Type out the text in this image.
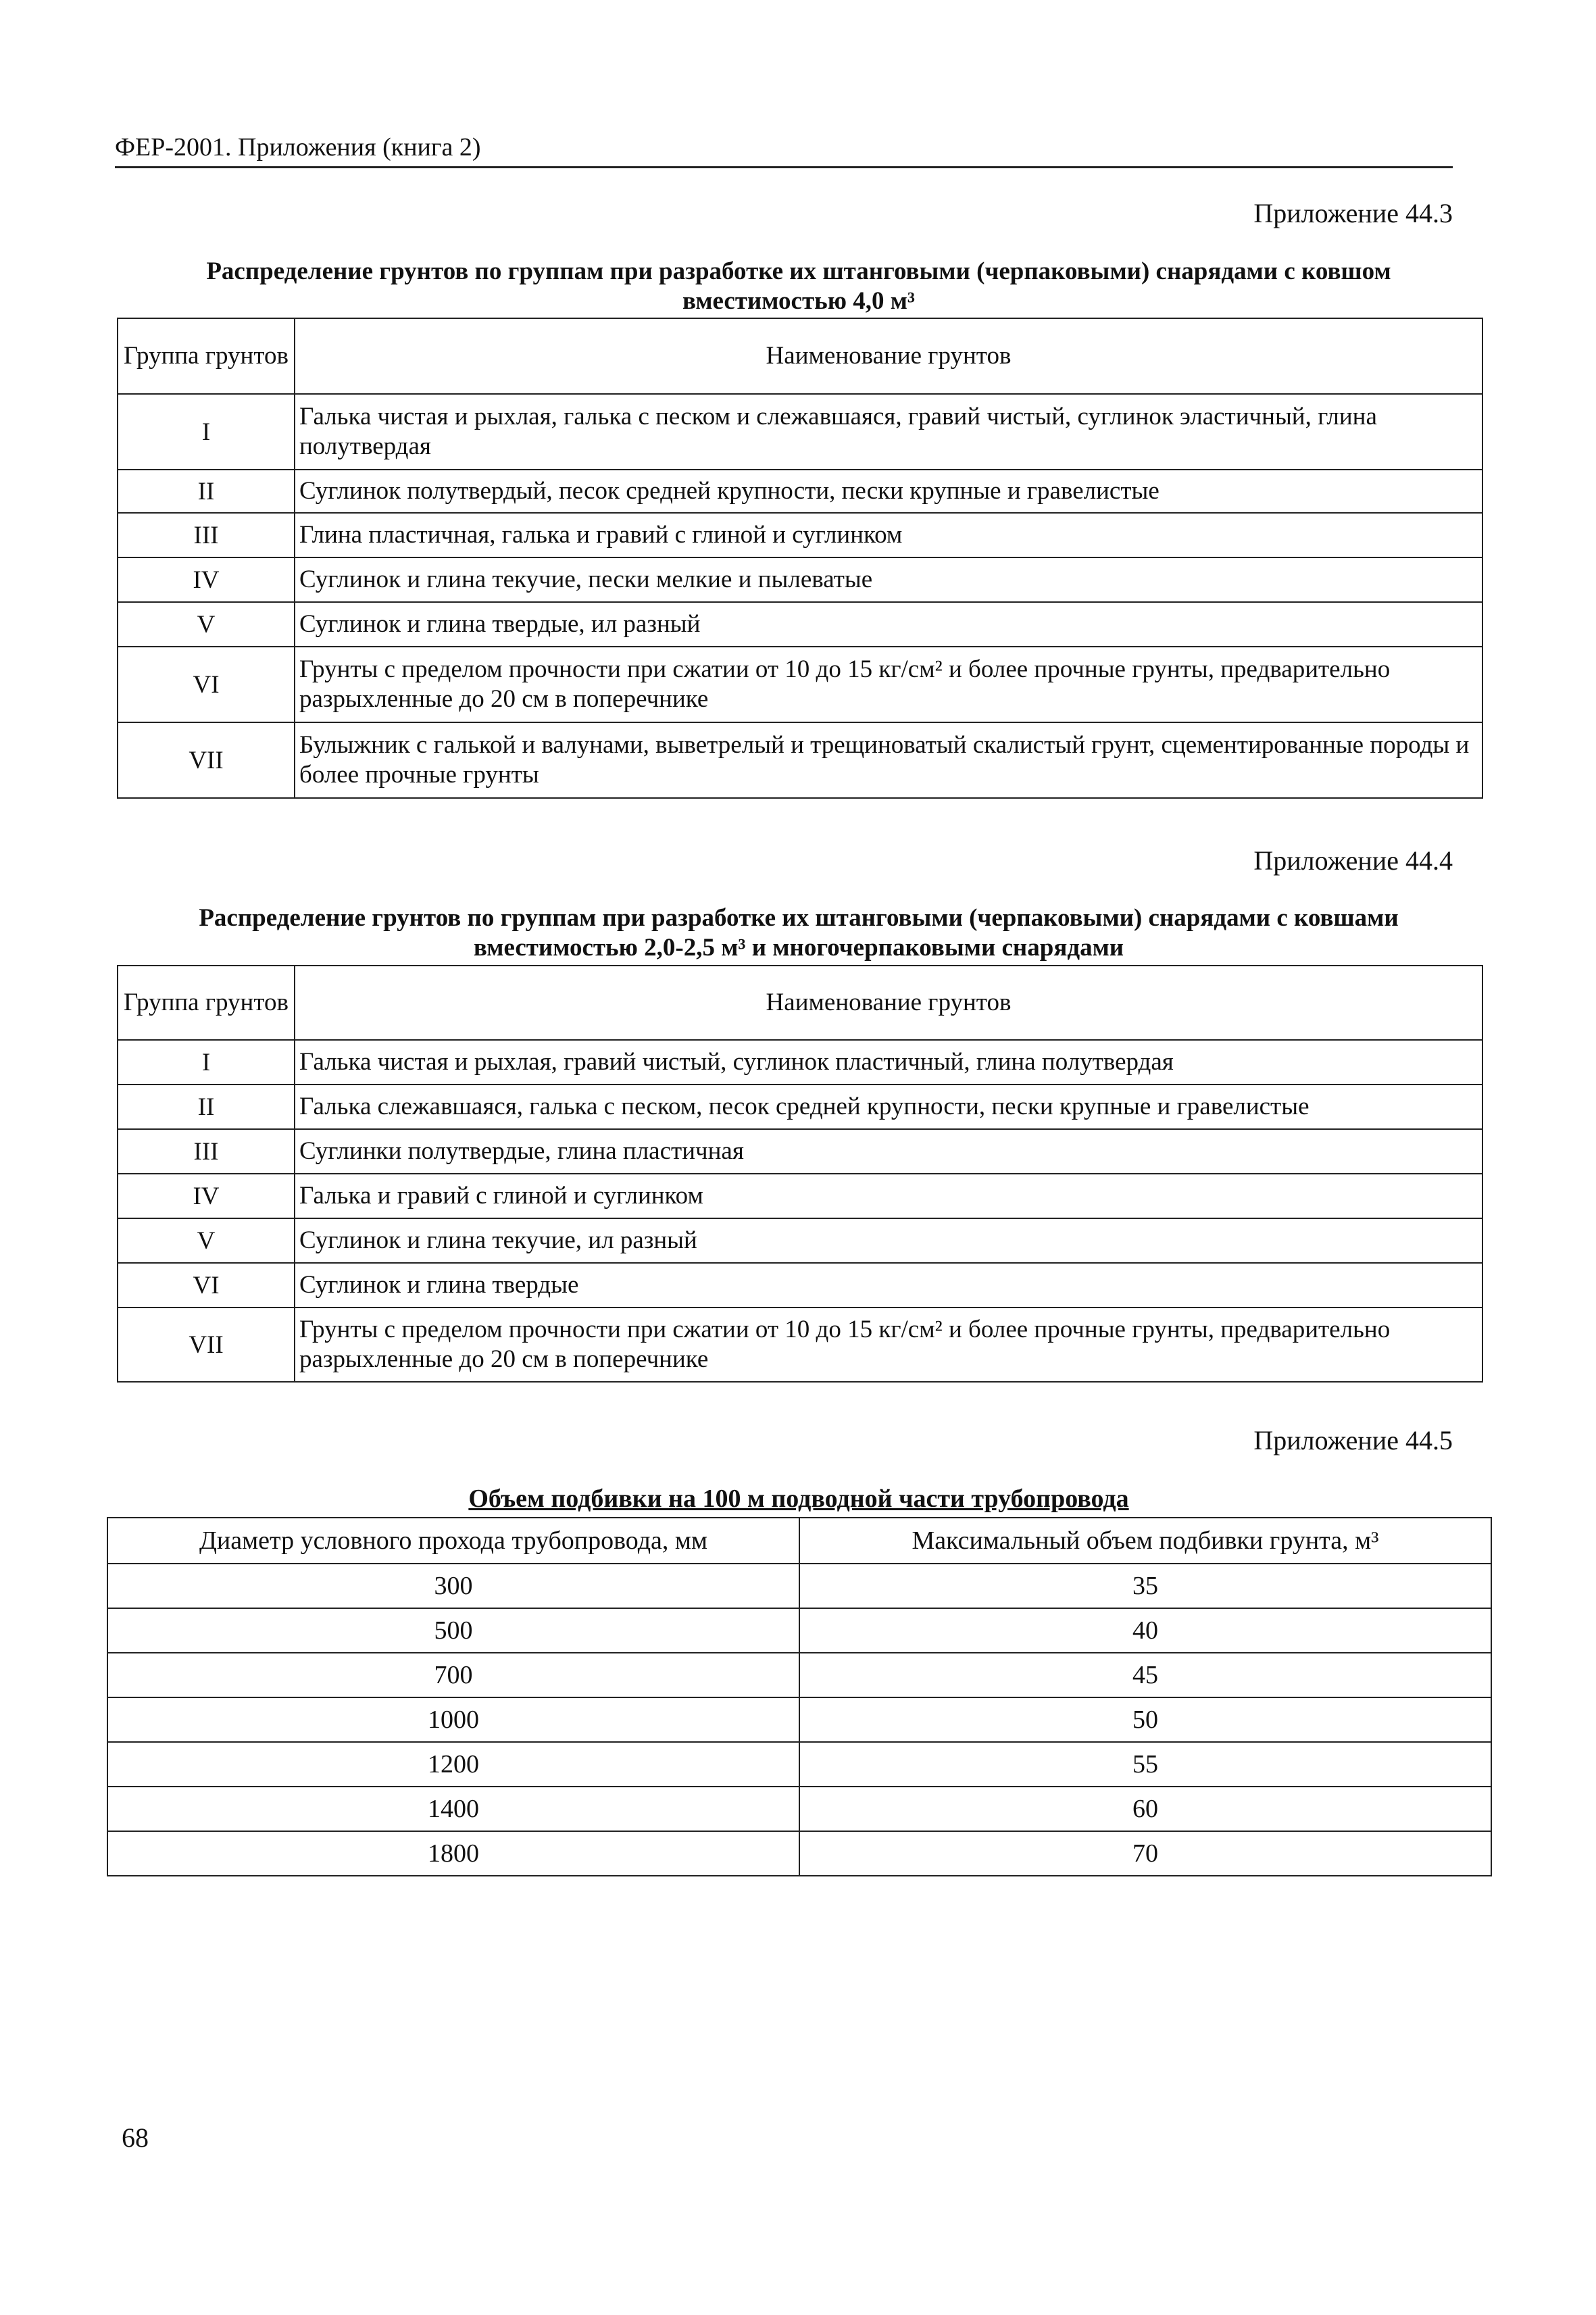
ФЕР-2001. Приложения (книга 2)
Приложение 44.3
Распределение грунтов по группам при разработке их штанговыми (черпаковыми) снарядами с ковшом
вместимостью 4,0 м³
Группа грунтов	Наименование грунтов
I	Галька чистая и рыхлая, галька с песком и слежавшаяся, гравий чистый, суглинок эластичный, глина полутвердая
II	Суглинок полутвердый, песок средней крупности, пески крупные и гравелистые
III	Глина пластичная, галька и гравий с глиной и суглинком
IV	Суглинок и глина текучие, пески мелкие и пылеватые
V	Суглинок и глина твердые, ил разный
VI	Грунты с пределом прочности при сжатии от 10 до 15 кг/см² и более прочные грунты, предварительно разрыхленные до 20 см в поперечнике
VII	Булыжник с галькой и валунами, выветрелый и трещиноватый скалистый грунт, сцементированные породы и более прочные грунты
Приложение 44.4
Распределение грунтов по группам при разработке их штанговыми (черпаковыми) снарядами с ковшами
вместимостью 2,0-2,5 м³ и многочерпаковыми снарядами
Группа грунтов	Наименование грунтов
I	Галька чистая и рыхлая, гравий чистый, суглинок пластичный, глина полутвердая
II	Галька слежавшаяся, галька с песком, песок средней крупности, пески крупные и гравелистые
III	Суглинки полутвердые, глина пластичная
IV	Галька и гравий с глиной и суглинком
V	Суглинок и глина текучие, ил разный
VI	Суглинок и глина твердые
VII	Грунты с пределом прочности при сжатии от 10 до 15 кг/см² и более прочные грунты, предварительно разрыхленные до 20 см в поперечнике
Приложение 44.5
Объем подбивки на 100 м подводной части трубопровода
Диаметр условного прохода трубопровода, мм	Максимальный объем подбивки грунта, м³
300	35
500	40
700	45
1000	50
1200	55
1400	60
1800	70
68
